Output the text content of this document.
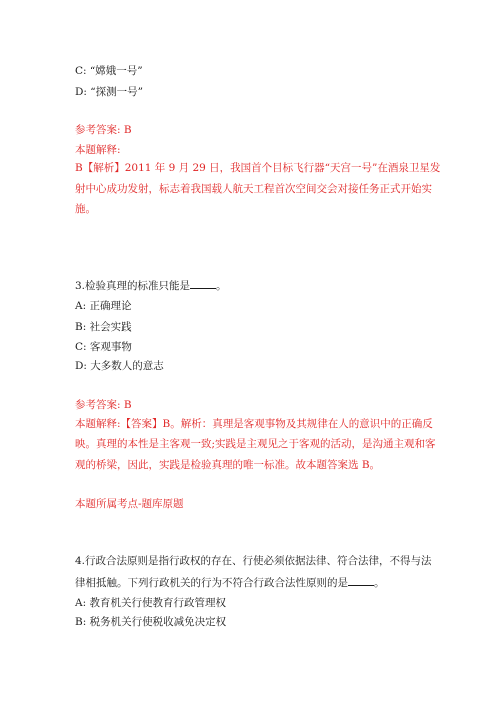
C: “嫦娥一号”
D: “探测一号”
参考答案: B
本题解释:
B【解析】2011 年 9 月 29 日，我国首个目标飞行器“天宫一号”在酒泉卫星发
射中心成功发射，标志着我国载人航天工程首次空间交会对接任务正式开始实
施。
3.检验真理的标准只能是 。
A: 正确理论
B: 社会实践
C: 客观事物
D: 大多数人的意志
参考答案: B
本题解释:【答案】B。解析：真理是客观事物及其规律在人的意识中的正确反
映。真理的本性是主客观一致;实践是主观见之于客观的活动，是沟通主观和客
观的桥梁，因此，实践是检验真理的唯一标准。故本题答案选 B。
本题所属考点-题库原题
4.行政合法原则是指行政权的存在、行使必须依据法律、符合法律，不得与法
律相抵触。下列行政机关的行为不符合行政合法性原则的是 。
A: 教育机关行使教育行政管理权
B: 税务机关行使税收减免决定权
